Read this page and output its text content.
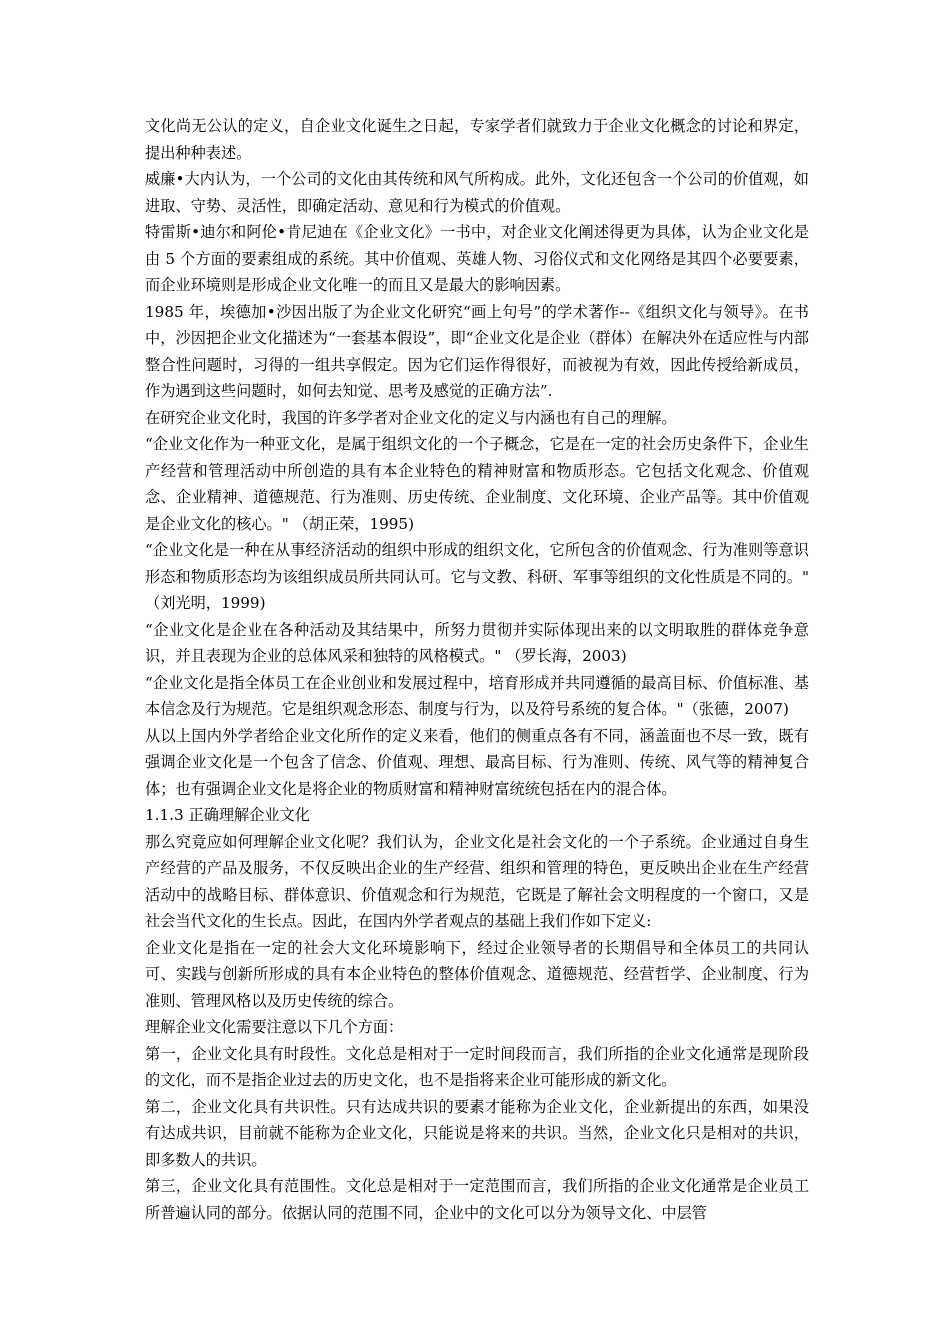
文化尚无公认的定义，自企业文化诞生之日起，专家学者们就致力于企业文化概念的讨论和界定，提出种种表述。

威廉•大内认为，一个公司的文化由其传统和风气所构成。此外，文化还包含一个公司的价值观，如进取、守势、灵活性，即确定活动、意见和行为模式的价值观。

特雷斯•迪尔和阿伦•肯尼迪在《企业文化》一书中，对企业文化阐述得更为具体，认为企业文化是由 5 个方面的要素组成的系统。其中价值观、英雄人物、习俗仪式和文化网络是其四个必要要素，而企业环境则是形成企业文化唯一的而且又是最大的影响因素。

1985 年，埃德加•沙因出版了为企业文化研究“画上句号”的学术著作--《组织文化与领导》。在书中，沙因把企业文化描述为“一套基本假设”，即“企业文化是企业（群体）在解决外在适应性与内部整合性问题时，习得的一组共享假定。因为它们运作得很好，而被视为有效，因此传授给新成员，作为遇到这些问题时，如何去知觉、思考及感觉的正确方法”.

在研究企业文化时，我国的许多学者对企业文化的定义与内涵也有自己的理解。

“企业文化作为一种亚文化，是属于组织文化的一个子概念，它是在一定的社会历史条件下，企业生产经营和管理活动中所创造的具有本企业特色的精神财富和物质形态。它包括文化观念、价值观念、企业精神、道德规范、行为准则、历史传统、企业制度、文化环境、企业产品等。其中价值观是企业文化的核心。" （胡正荣，1995)

“企业文化是一种在从事经济活动的组织中形成的组织文化，它所包含的价值观念、行为准则等意识形态和物质形态均为该组织成员所共同认可。它与文教、科研、军事等组织的文化性质是不同的。" （刘光明，1999)

“企业文化是企业在各种活动及其结果中，所努力贯彻并实际体现出来的以文明取胜的群体竞争意识，并且表现为企业的总体风采和独特的风格模式。" （罗长海，2003)

“企业文化是指全体员工在企业创业和发展过程中，培育形成并共同遵循的最高目标、价值标准、基本信念及行为规范。它是组织观念形态、制度与行为，以及符号系统的复合体。"（张德，2007)

从以上国内外学者给企业文化所作的定义来看，他们的侧重点各有不同，涵盖面也不尽一致，既有强调企业文化是一个包含了信念、价值观、理想、最高目标、行为准则、传统、风气等的精神复合体；也有强调企业文化是将企业的物质财富和精神财富统统包括在内的混合体。

1.1.3 正确理解企业文化

那么究竟应如何理解企业文化呢？我们认为，企业文化是社会文化的一个子系统。企业通过自身生产经营的产品及服务，不仅反映出企业的生产经营、组织和管理的特色，更反映出企业在生产经营活动中的战略目标、群体意识、价值观念和行为规范，它既是了解社会文明程度的一个窗口，又是社会当代文化的生长点。因此，在国内外学者观点的基础上我们作如下定义:

企业文化是指在一定的社会大文化环境影响下，经过企业领导者的长期倡导和全体员工的共同认可、实践与创新所形成的具有本企业特色的整体价值观念、道德规范、经营哲学、企业制度、行为准则、管理风格以及历史传统的综合。

理解企业文化需要注意以下几个方面：

第一，企业文化具有时段性。文化总是相对于一定时间段而言，我们所指的企业文化通常是现阶段的文化，而不是指企业过去的历史文化，也不是指将来企业可能形成的新文化。

第二，企业文化具有共识性。只有达成共识的要素才能称为企业文化，企业新提出的东西，如果没有达成共识，目前就不能称为企业文化，只能说是将来的共识。当然，企业文化只是相对的共识，即多数人的共识。

第三，企业文化具有范围性。文化总是相对于一定范围而言，我们所指的企业文化通常是企业员工所普遍认同的部分。依据认同的范围不同，企业中的文化可以分为领导文化、中层管
